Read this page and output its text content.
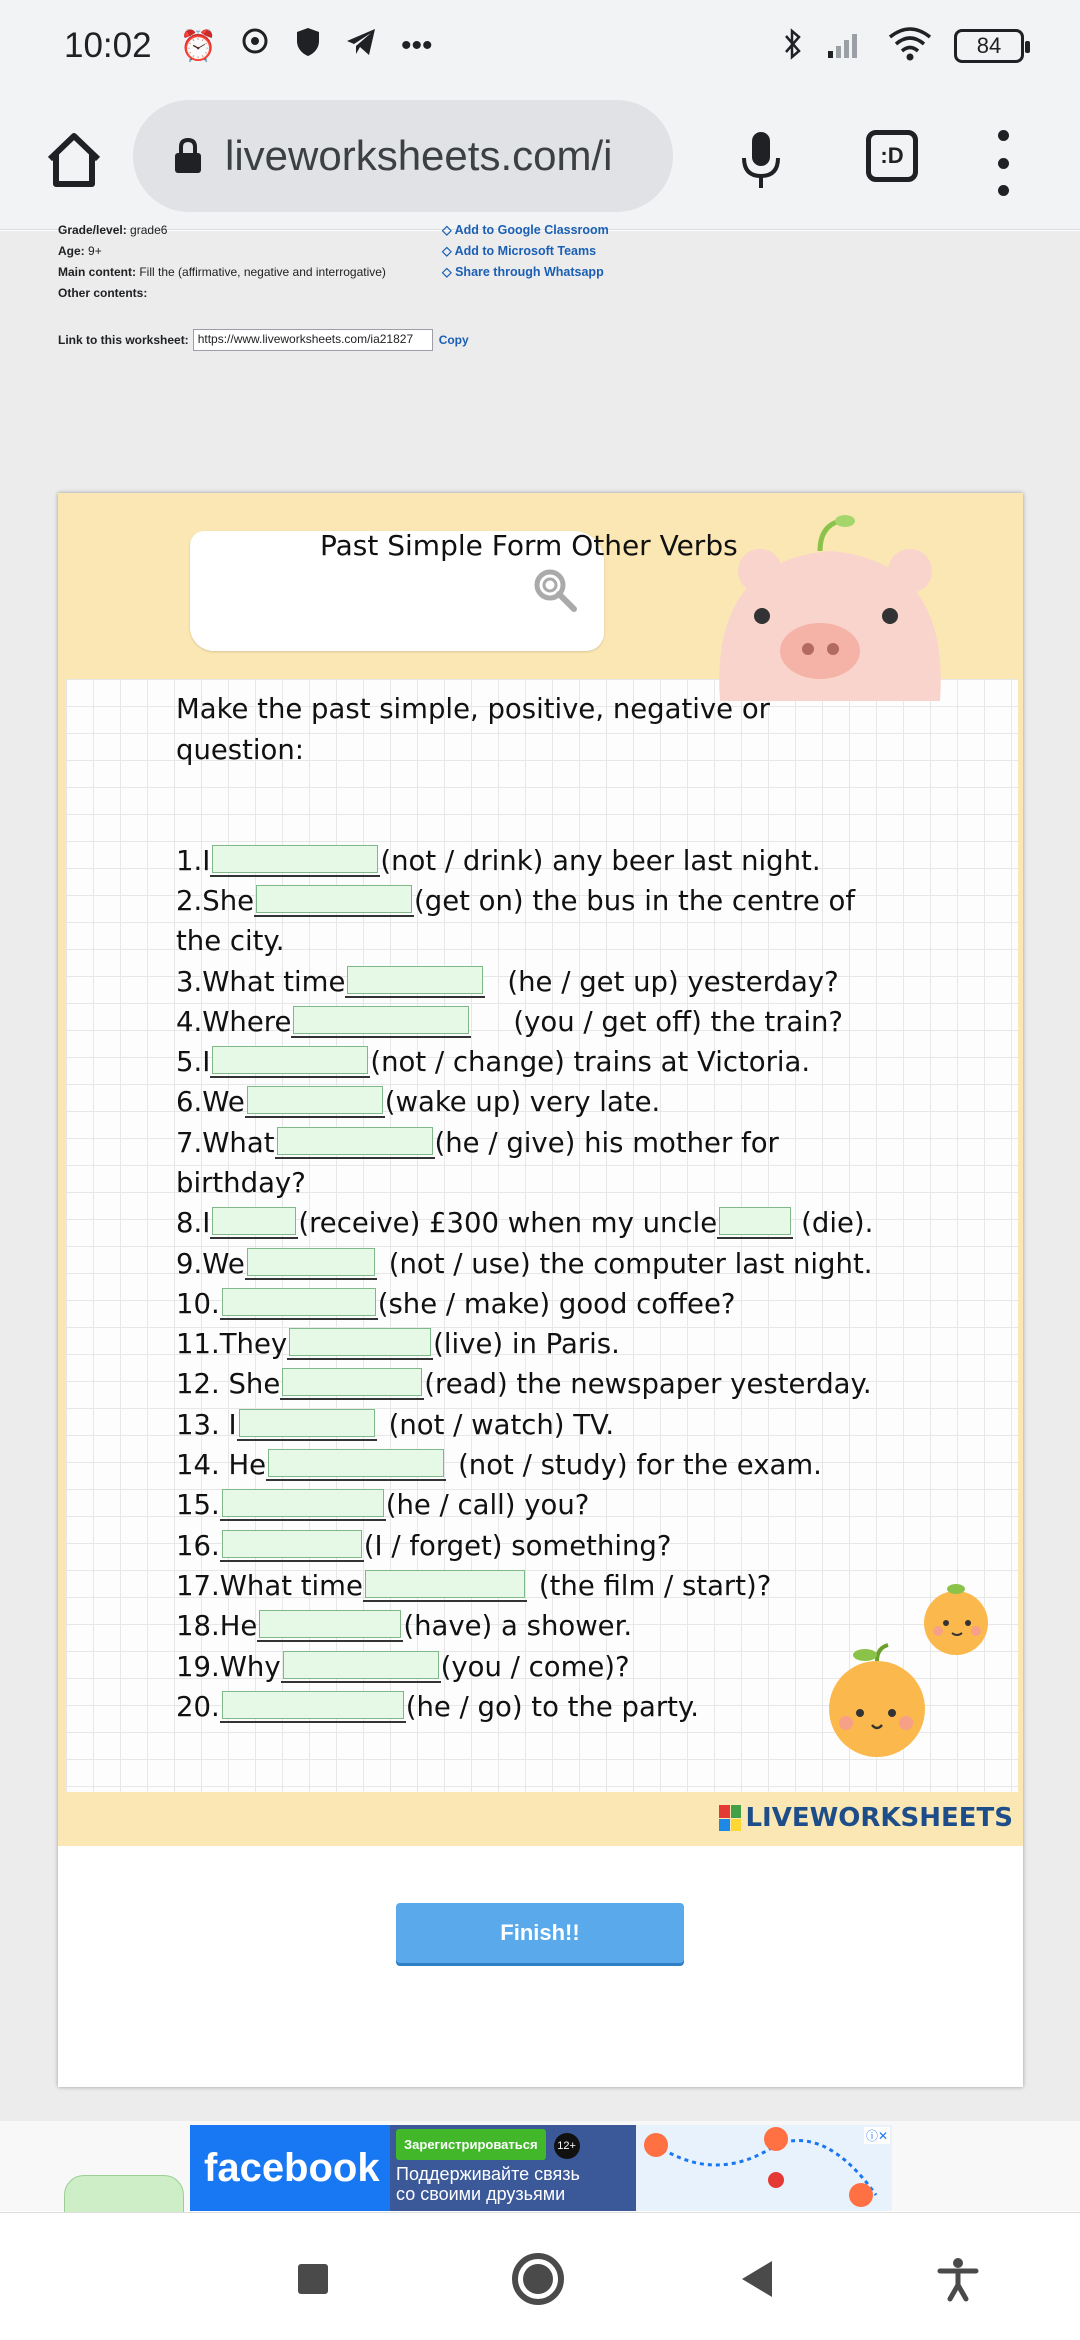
10:02 ⏰	•••	84
liveworksheets.com/i	:D
Grade/level: grade6
Age: 9+
Main content: Fill the (affirmative, negative and interrogative)
Other contents:
◇ Add to Google Classroom
◇ Add to Microsoft Teams
◇ Share through Whatsapp
Link to this worksheet: https://www.liveworksheets.com/ia21827	Copy
Past Simple Form Other Verbs
Make the past simple, positive, negative or
question:
1.I	(not / drink) any beer last night.
2.She	(get on) the bus in the centre of
the city.
3.What time	(he / get up) yesterday?
4.Where	(you / get off) the train?
5.I	(not / change) trains at Victoria.
6.We	(wake up) very late.
7.What	(he / give) his mother for
birthday?
8.I	(receive) £300 when my uncle	(die).
9.We	(not / use) the computer last night.
10.	(she / make) good coffee?
11.They	(live) in Paris.
12. She	(read) the newspaper yesterday.
13. I	(not / watch) TV.
14. He	(not / study) for the exam.
15.	(he / call) you?
16.	(I / forget) something?
17.What time	(the film / start)?
18.He	(have) a shower.
19.Why	(you / come)?
20.	(he / go) to the party.
LIVEWORKSHEETS
Finish!!
facebook
Зарегистрироваться 12+
Поддерживайте связь
со своими друзьями
ⓘ✕
